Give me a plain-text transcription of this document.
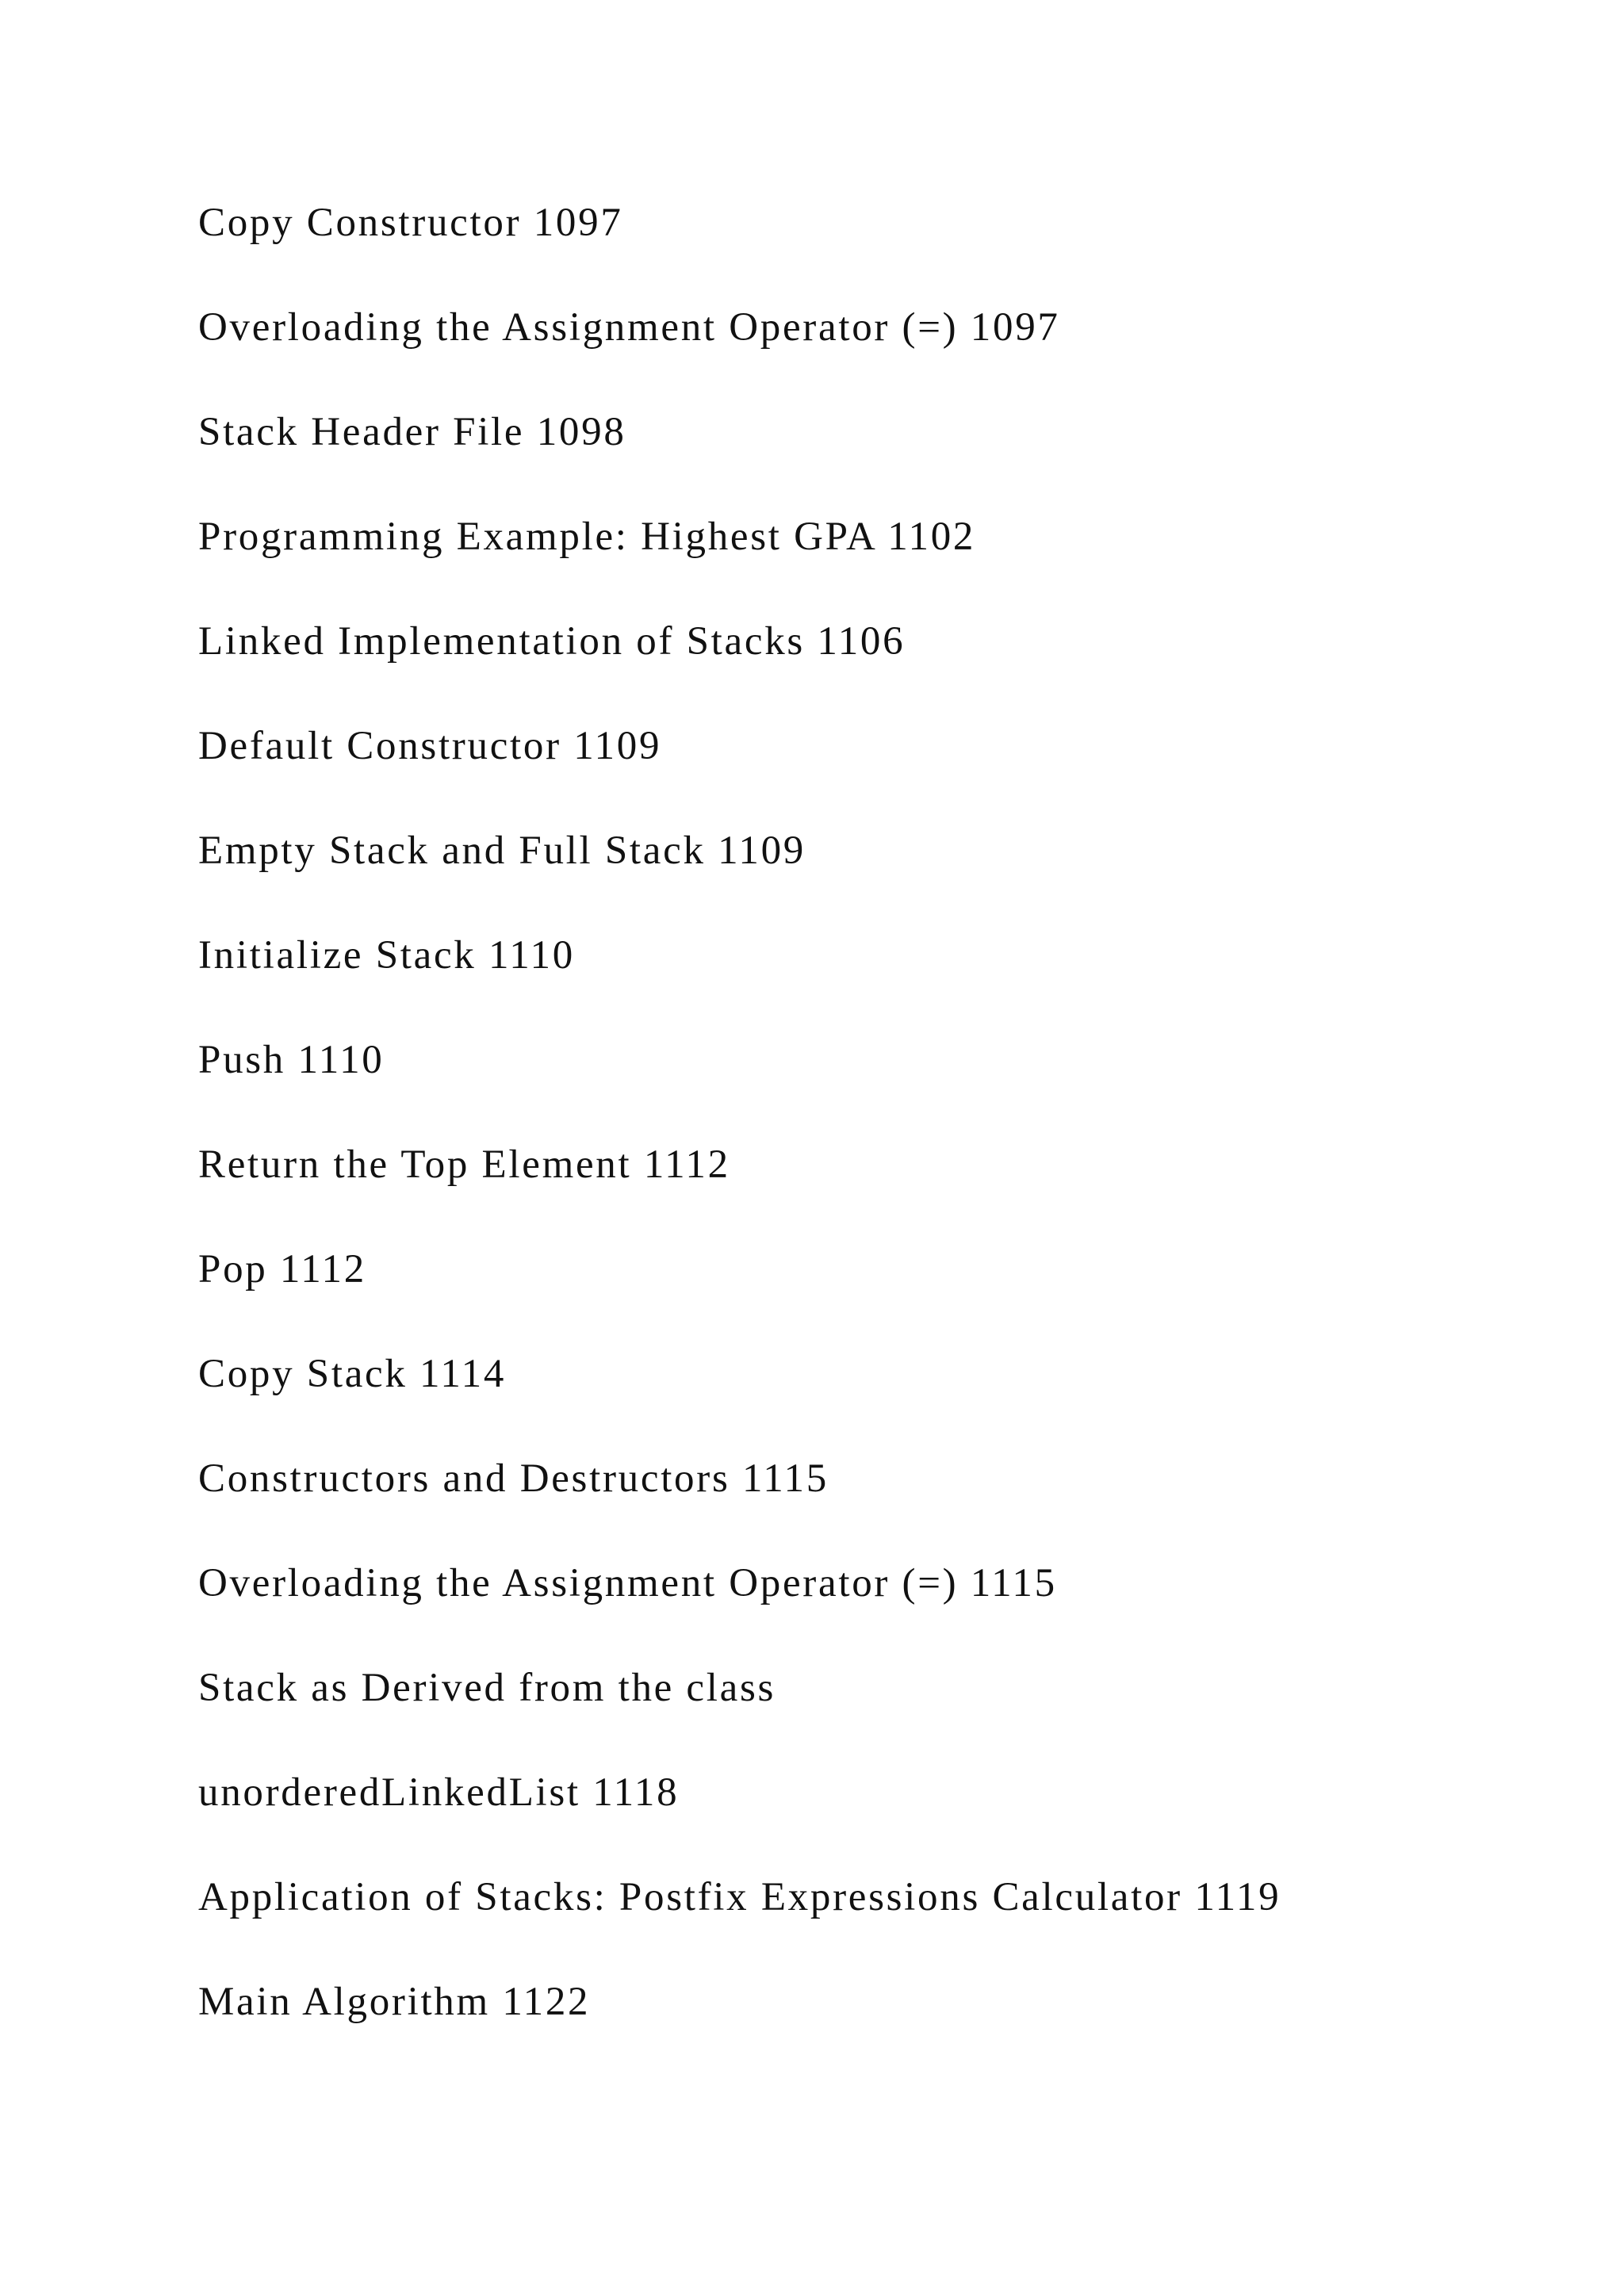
Copy Constructor 1097
Overloading the Assignment Operator (=) 1097
Stack Header File 1098
Programming Example: Highest GPA 1102
Linked Implementation of Stacks 1106
Default Constructor 1109
Empty Stack and Full Stack 1109
Initialize Stack 1110
Push 1110
Return the Top Element 1112
Pop 1112
Copy Stack 1114
Constructors and Destructors 1115
Overloading the Assignment Operator (=) 1115
Stack as Derived from the class
unorderedLinkedList 1118
Application of Stacks: Postfix Expressions Calculator 1119
Main Algorithm 1122
